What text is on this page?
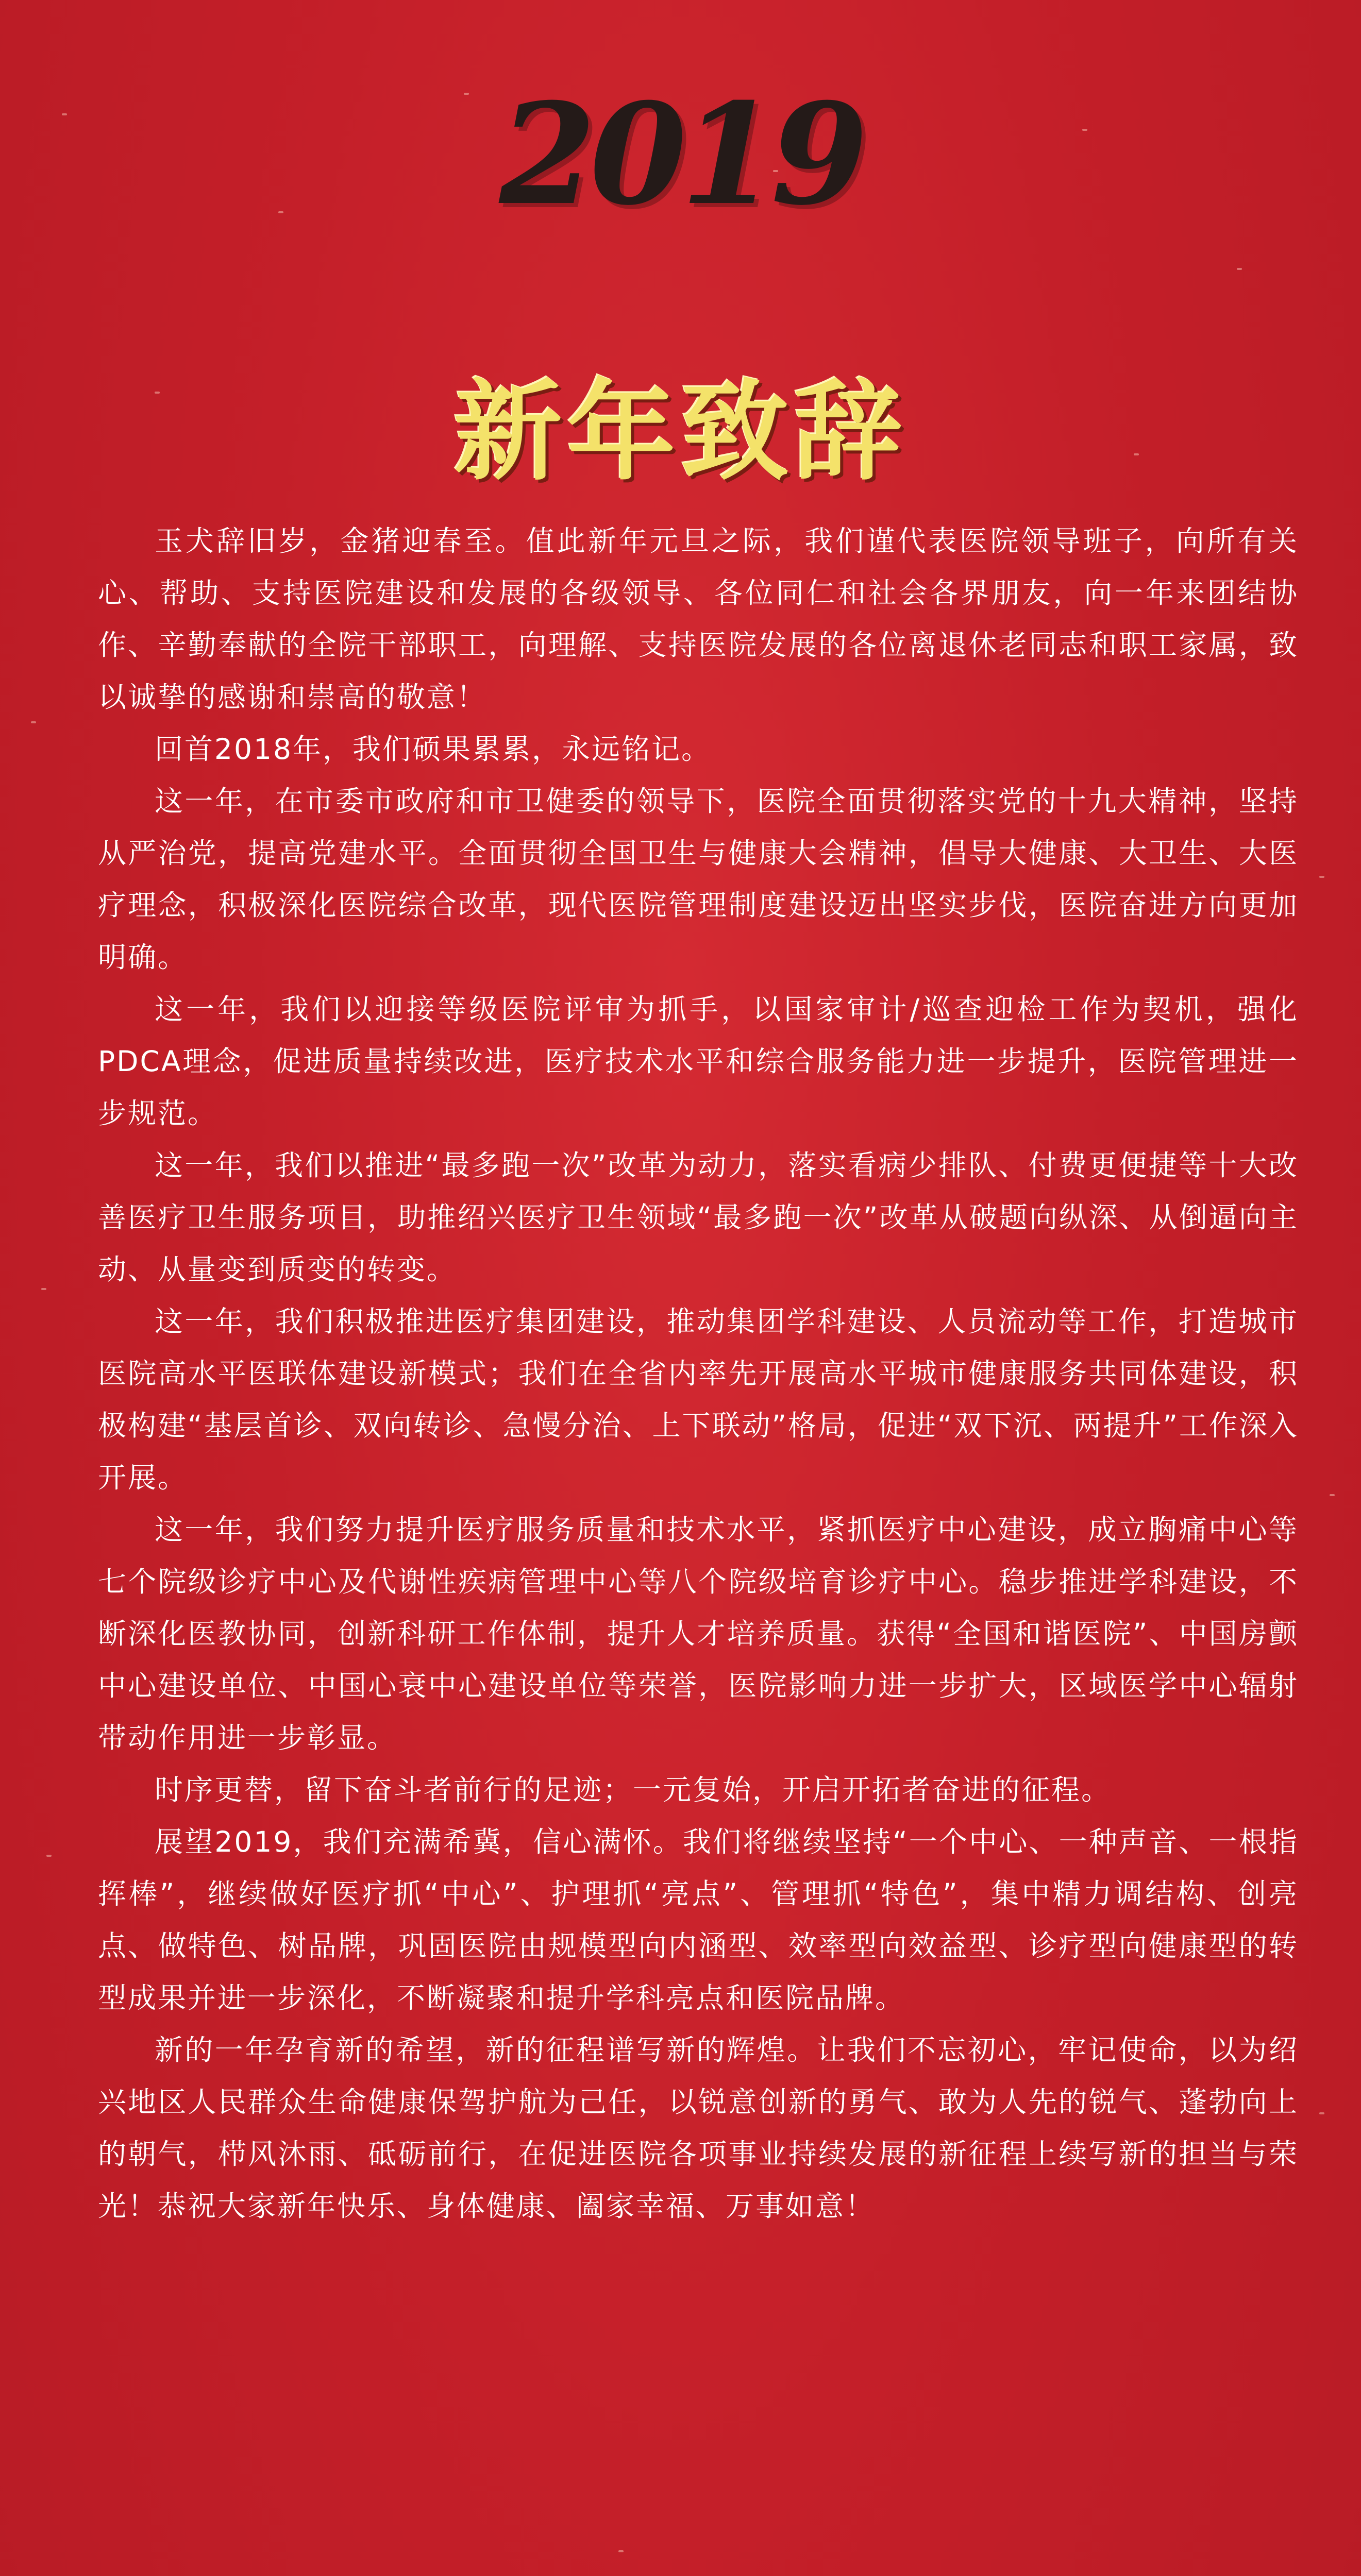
2019
新年致辞

玉犬辞旧岁，金猪迎春至。值此新年元旦之际，我们谨代表医院领导班子，向所有关心、帮助、支持医院建设和发展的各级领导、各位同仁和社会各界朋友，向一年来团结协作、辛勤奉献的全院干部职工，向理解、支持医院发展的各位离退休老同志和职工家属，致以诚挚的感谢和崇高的敬意！

回首2018年，我们硕果累累，永远铭记。

这一年，在市委市政府和市卫健委的领导下，医院全面贯彻落实党的十九大精神，坚持从严治党，提高党建水平。全面贯彻全国卫生与健康大会精神，倡导大健康、大卫生、大医疗理念，积极深化医院综合改革，现代医院管理制度建设迈出坚实步伐，医院奋进方向更加明确。

这一年，我们以迎接等级医院评审为抓手，以国家审计/巡查迎检工作为契机，强化PDCA理念，促进质量持续改进，医疗技术水平和综合服务能力进一步提升，医院管理进一步规范。

这一年，我们以推进“最多跑一次”改革为动力，落实看病少排队、付费更便捷等十大改善医疗卫生服务项目，助推绍兴医疗卫生领域“最多跑一次”改革从破题向纵深、从倒逼向主动、从量变到质变的转变。

这一年，我们积极推进医疗集团建设，推动集团学科建设、人员流动等工作，打造城市医院高水平医联体建设新模式；我们在全省内率先开展高水平城市健康服务共同体建设，积极构建“基层首诊、双向转诊、急慢分治、上下联动”格局，促进“双下沉、两提升”工作深入开展。

这一年，我们努力提升医疗服务质量和技术水平，紧抓医疗中心建设，成立胸痛中心等七个院级诊疗中心及代谢性疾病管理中心等八个院级培育诊疗中心。稳步推进学科建设，不断深化医教协同，创新科研工作体制，提升人才培养质量。获得“全国和谐医院”、中国房颤中心建设单位、中国心衰中心建设单位等荣誉，医院影响力进一步扩大，区域医学中心辐射带动作用进一步彰显。

时序更替，留下奋斗者前行的足迹；一元复始，开启开拓者奋进的征程。

展望2019，我们充满希冀，信心满怀。我们将继续坚持“一个中心、一种声音、一根指挥棒”，继续做好医疗抓“中心”、护理抓“亮点”、管理抓“特色”，集中精力调结构、创亮点、做特色、树品牌，巩固医院由规模型向内涵型、效率型向效益型、诊疗型向健康型的转型成果并进一步深化，不断凝聚和提升学科亮点和医院品牌。

新的一年孕育新的希望，新的征程谱写新的辉煌。让我们不忘初心，牢记使命，以为绍兴地区人民群众生命健康保驾护航为己任，以锐意创新的勇气、敢为人先的锐气、蓬勃向上的朝气，栉风沐雨、砥砺前行，在促进医院各项事业持续发展的新征程上续写新的担当与荣光！恭祝大家新年快乐、身体健康、阖家幸福、万事如意！
